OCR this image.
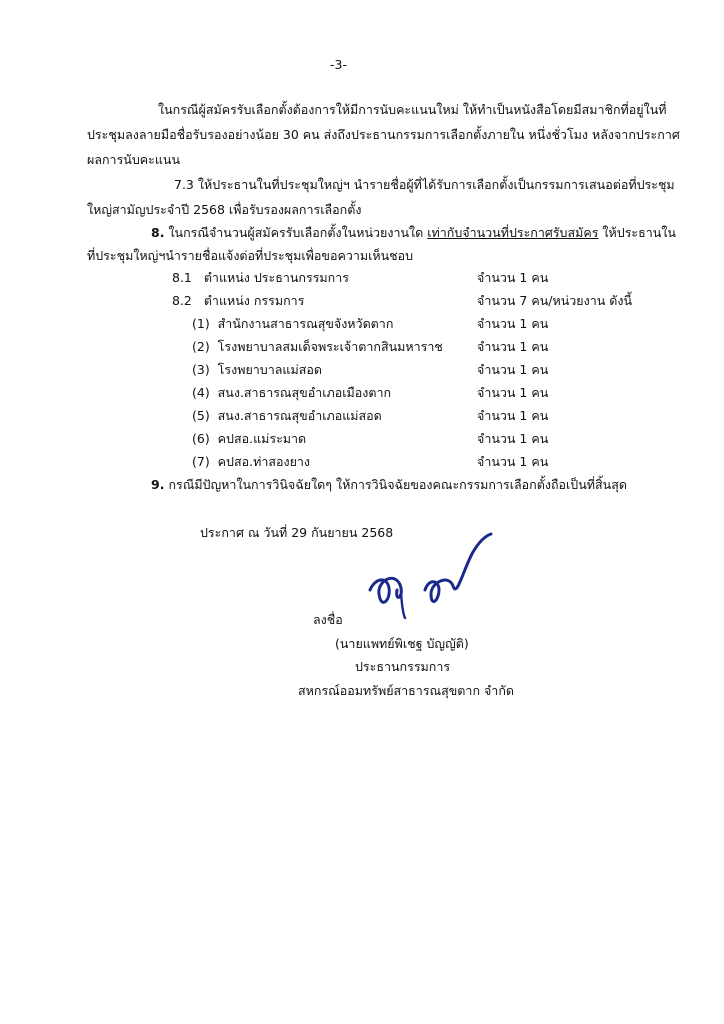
-3-
ในกรณีผู้สมัครรับเลือกตั้งต้องการให้มีการนับคะแนนใหม่ ให้ทำเป็นหนังสือโดยมีสมาชิกที่อยู่ในที่
ประชุมลงลายมือชื่อรับรองอย่างน้อย 30 คน ส่งถึงประธานกรรมการเลือกตั้งภายใน หนึ่งชั่วโมง หลังจากประกาศ
ผลการนับคะแนน
7.3 ให้ประธานในที่ประชุมใหญ่ฯ นำรายชื่อผู้ที่ได้รับการเลือกตั้งเป็นกรรมการเสนอต่อที่ประชุม
ใหญ่สามัญประจำปี 2568 เพื่อรับรองผลการเลือกตั้ง
8. ในกรณีจำนวนผู้สมัครรับเลือกตั้งในหน่วยงานใด เท่ากับจำนวนที่ประกาศรับสมัคร ให้ประธานใน
ที่ประชุมใหญ่ฯนำรายชื่อแจ้งต่อที่ประชุมเพื่อขอความเห็นชอบ
8.1 ตำแหน่ง ประธานกรรมการ	จำนวน 1 คน
8.2 ตำแหน่ง กรรมการ	จำนวน 7 คน/หน่วยงาน ดังนี้
(1) สำนักงานสาธารณสุขจังหวัดตาก	จำนวน 1 คน
(2) โรงพยาบาลสมเด็จพระเจ้าตากสินมหาราช	จำนวน 1 คน
(3) โรงพยาบาลแม่สอด	จำนวน 1 คน
(4) สนง.สาธารณสุขอำเภอเมืองตาก	จำนวน 1 คน
(5) สนง.สาธารณสุขอำเภอแม่สอด	จำนวน 1 คน
(6) คปสอ.แม่ระมาด	จำนวน 1 คน
(7) คปสอ.ท่าสองยาง	จำนวน 1 คน
9. กรณีมีปัญหาในการวินิจฉัยใดๆ ให้การวินิจฉัยของคณะกรรมการเลือกตั้งถือเป็นที่สิ้นสุด
ประกาศ ณ วันที่ 29 กันยายน 2568
ลงชื่อ
(นายแพทย์พิเชฐ บัญญัติ)
ประธานกรรมการ
สหกรณ์ออมทรัพย์สาธารณสุขตาก จำกัด
